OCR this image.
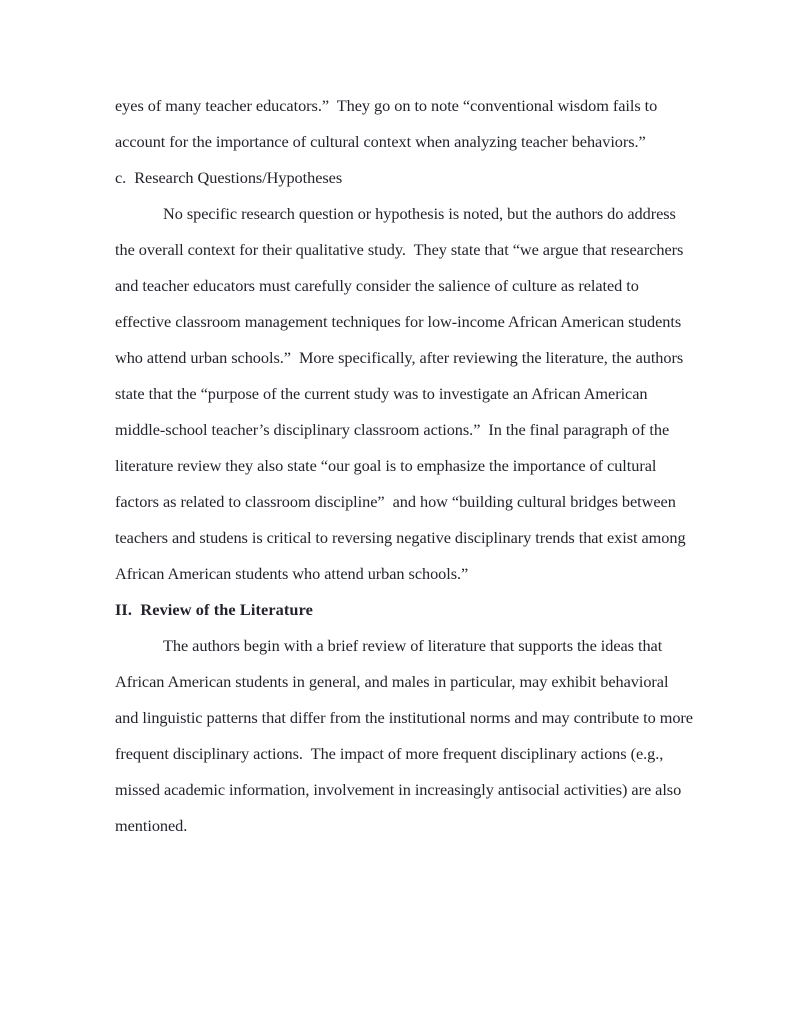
eyes of many teacher educators.”  They go on to note “conventional wisdom fails to
account for the importance of cultural context when analyzing teacher behaviors.”
c.  Research Questions/Hypotheses
No specific research question or hypothesis is noted, but the authors do address
the overall context for their qualitative study.  They state that “we argue that researchers
and teacher educators must carefully consider the salience of culture as related to
effective classroom management techniques for low-income African American students
who attend urban schools.”  More specifically, after reviewing the literature, the authors
state that the “purpose of the current study was to investigate an African American
middle-school teacher’s disciplinary classroom actions.”  In the final paragraph of the
literature review they also state “our goal is to emphasize the importance of cultural
factors as related to classroom discipline”  and how “building cultural bridges between
teachers and studens is critical to reversing negative disciplinary trends that exist among
African American students who attend urban schools.”
II.  Review of the Literature
The authors begin with a brief review of literature that supports the ideas that
African American students in general, and males in particular, may exhibit behavioral
and linguistic patterns that differ from the institutional norms and may contribute to more
frequent disciplinary actions.  The impact of more frequent disciplinary actions (e.g.,
missed academic information, involvement in increasingly antisocial activities) are also
mentioned.
